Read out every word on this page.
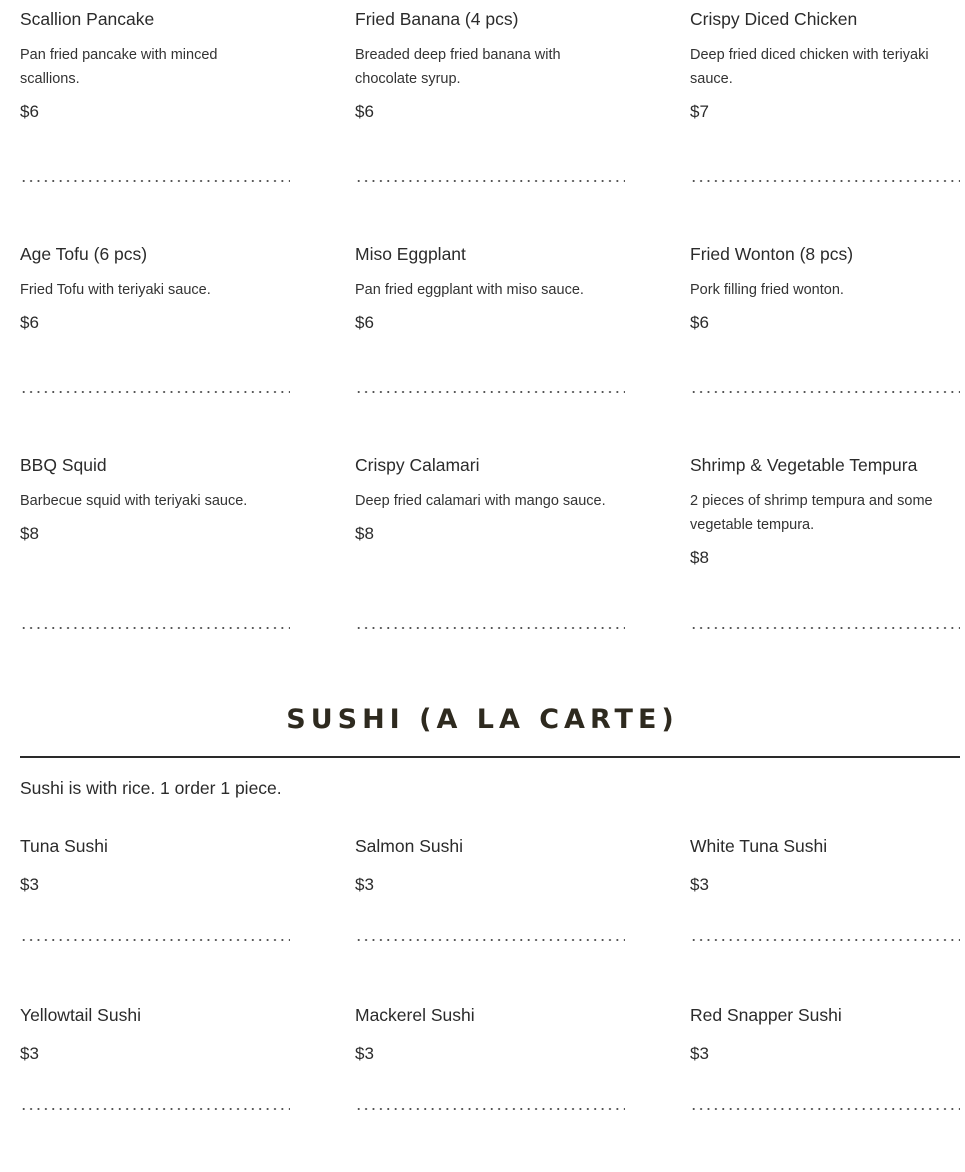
Scallion Pancake
Pan fried pancake with minced scallions.
$6
Fried Banana (4 pcs)
Breaded deep fried banana with chocolate syrup.
$6
Crispy Diced Chicken
Deep fried diced chicken with teriyaki sauce.
$7
Age Tofu (6 pcs)
Fried Tofu with teriyaki sauce.
$6
Miso Eggplant
Pan fried eggplant with miso sauce.
$6
Fried Wonton (8 pcs)
Pork filling fried wonton.
$6
BBQ Squid
Barbecue squid with teriyaki sauce.
$8
Crispy Calamari
Deep fried calamari with mango sauce.
$8
Shrimp & Vegetable Tempura
2 pieces of shrimp tempura and some vegetable tempura.
$8
SUSHI (A LA CARTE)
Sushi is with rice. 1 order 1 piece.
Tuna Sushi
$3
Salmon Sushi
$3
White Tuna Sushi
$3
Yellowtail Sushi
$3
Mackerel Sushi
$3
Red Snapper Sushi
$3
